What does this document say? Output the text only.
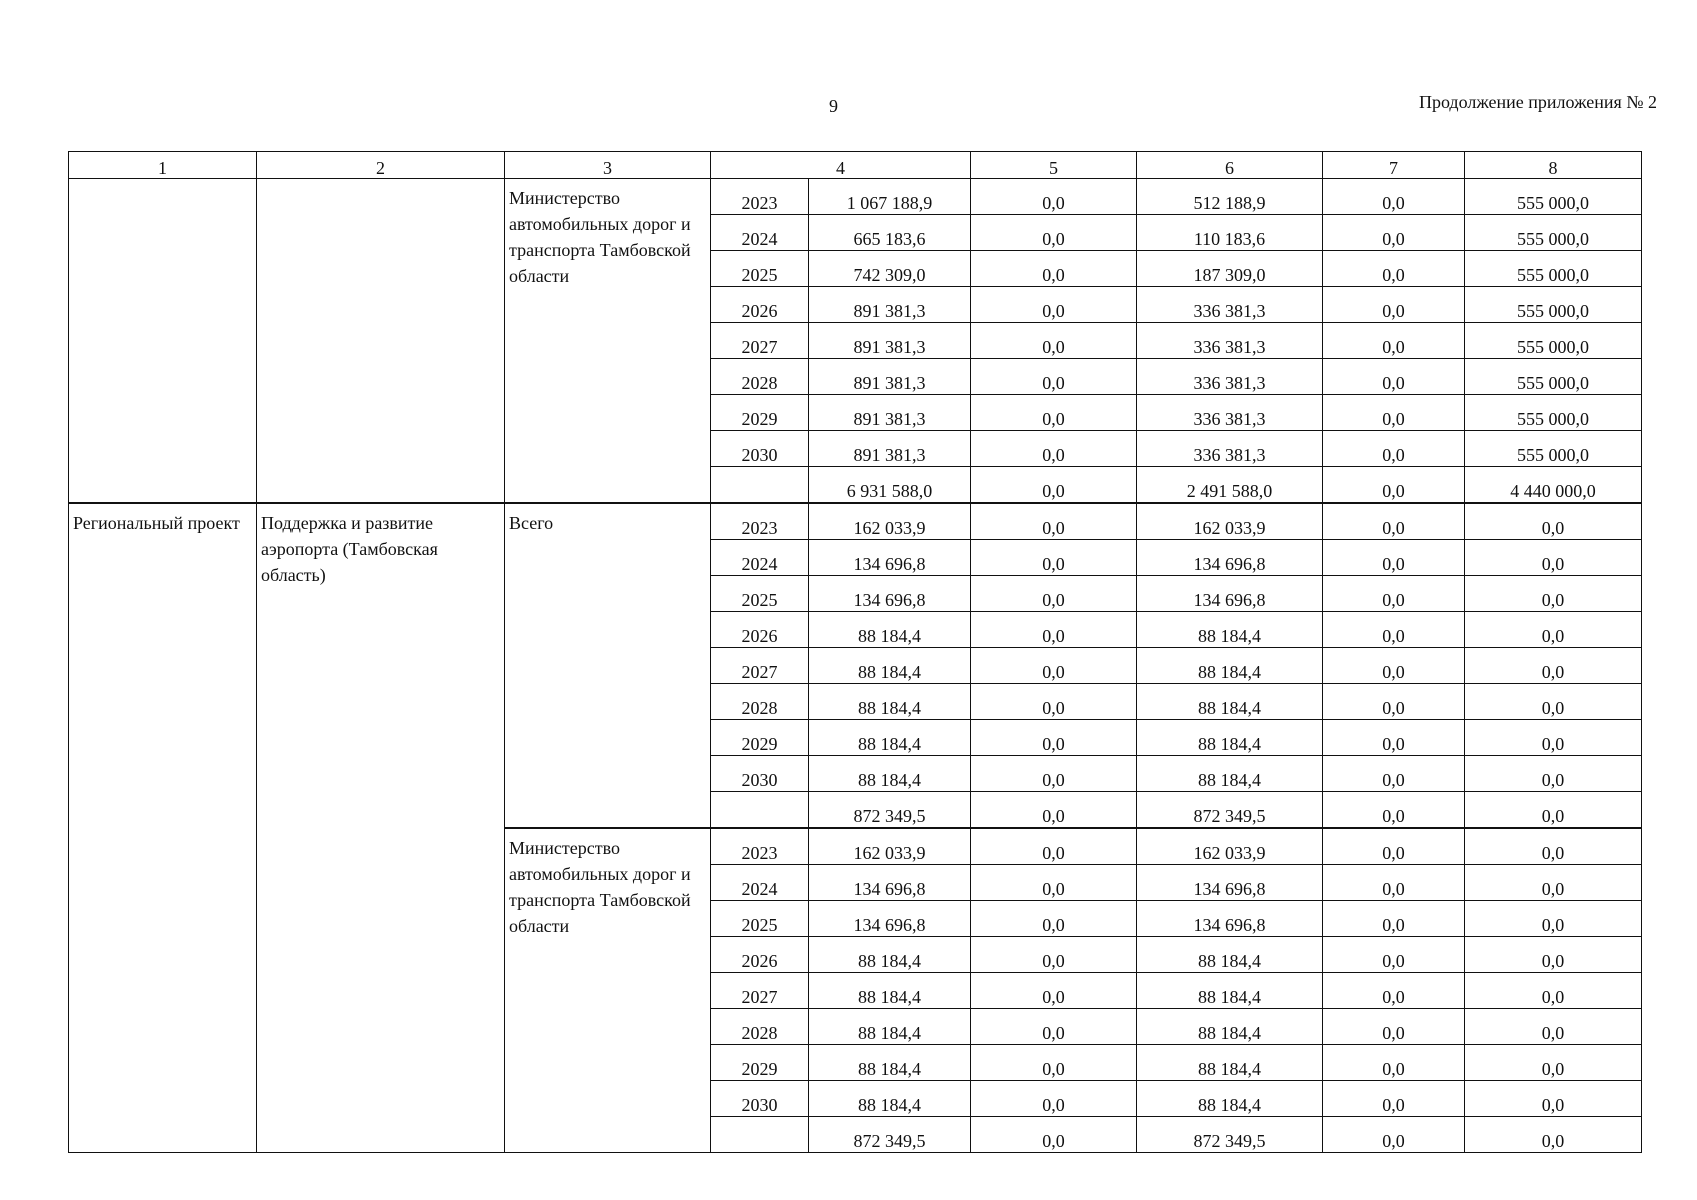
9	Продолжение приложения № 2
1	2	3	4		5	6	7	8
		Министерство автомобильных дорог и транспорта Тамбовской области	2023	1 067 188,9	0,0	512 188,9	0,0	555 000,0
			2024	665 183,6	0,0	110 183,6	0,0	555 000,0
			2025	742 309,0	0,0	187 309,0	0,0	555 000,0
			2026	891 381,3	0,0	336 381,3	0,0	555 000,0
			2027	891 381,3	0,0	336 381,3	0,0	555 000,0
			2028	891 381,3	0,0	336 381,3	0,0	555 000,0
			2029	891 381,3	0,0	336 381,3	0,0	555 000,0
			2030	891 381,3	0,0	336 381,3	0,0	555 000,0
				6 931 588,0	0,0	2 491 588,0	0,0	4 440 000,0
Региональный проект	Поддержка и развитие аэропорта (Тамбовская область)	Всего	2023	162 033,9	0,0	162 033,9	0,0	0,0
			2024	134 696,8	0,0	134 696,8	0,0	0,0
			2025	134 696,8	0,0	134 696,8	0,0	0,0
			2026	88 184,4	0,0	88 184,4	0,0	0,0
			2027	88 184,4	0,0	88 184,4	0,0	0,0
			2028	88 184,4	0,0	88 184,4	0,0	0,0
			2029	88 184,4	0,0	88 184,4	0,0	0,0
			2030	88 184,4	0,0	88 184,4	0,0	0,0
				872 349,5	0,0	872 349,5	0,0	0,0
		Министерство автомобильных дорог и транспорта Тамбовской области	2023	162 033,9	0,0	162 033,9	0,0	0,0
			2024	134 696,8	0,0	134 696,8	0,0	0,0
			2025	134 696,8	0,0	134 696,8	0,0	0,0
			2026	88 184,4	0,0	88 184,4	0,0	0,0
			2027	88 184,4	0,0	88 184,4	0,0	0,0
			2028	88 184,4	0,0	88 184,4	0,0	0,0
			2029	88 184,4	0,0	88 184,4	0,0	0,0
			2030	88 184,4	0,0	88 184,4	0,0	0,0
				872 349,5	0,0	872 349,5	0,0	0,0
